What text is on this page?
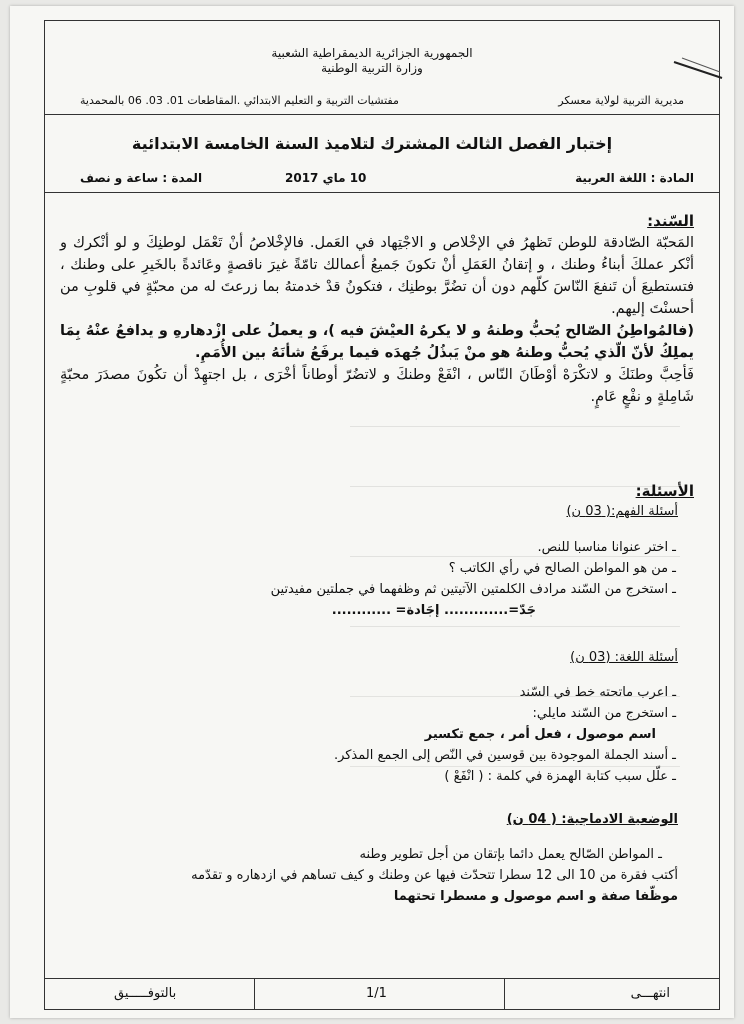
الجمهورية الجزائرية الديمقراطية الشعبية
وزارة التربية الوطنية
مديرية التربية لولاية معسكر
مفتشيات التربية و التعليم الابتدائي .المقاطعات 01. 03. 06 بالمحمدية
إختبار الفصل الثالث المشترك لتلاميذ السنة الخامسة الابتدائية
المادة : اللغة العربية
10 ماي 2017
المدة : ساعة و نصف
السّند:

المَحبّة الصّادقة للوطن تَظهرُ في الإخْلاص و الاجْتِهاد في العَمل. فالإخْلاصُ أنْ تَعْمَل لوطنِكَ و لو أنْكرك و أنْكر عملكَ أبناءُ وطنك ، و إتقانُ العَمَلِ أنْ تكونَ جَميعُ أعمالك تامّةً غيرَ ناقصةٍ وعَائدةً بالخَيرِ على وطنك ، فتستطيعَ أن تَنفعَ النّاسَ كلّهم دون أن تضُرَّ بوطنِك ، فتكونُ قدْ خدمتهُ بما زرعتَ له من محبّةٍ في قلوبِ من أحسنْتَ إليهم.

(فالمُواطِنُ الصّالح يُحبُّ وطنهُ و لا يكرهُ العيْشَ فيه )، و يعملُ على ازْدهارهِ و يدافعُ عنْهُ بِمَا يملِكُ لأنّ الّذي يُحبُّ وطنهُ هو منْ يَبذُلُ جُهدَه فيما يرفَعُ شأنَهُ بين الأُمَمِ.

فَأحِبَّ وطنَكَ و لاتكْرَهْ أوْطَانَ النّاس ، انْفَعْ وطنكَ و لاتضُرّ أوطاناً أخْرَى ، بل اجتهِدْ أن تكُونَ مصدَرَ محبّةٍ شَامِلةٍ و نفْعٍ عَامٍ.

الأسئلة:
أسئلة الفهم:( 03 ن)

ـ اختر عنوانا مناسبا للنص.

ـ من هو المواطن الصالح في رأي الكاتب ؟

ـ استخرج من السّند مرادف الكلمتين الآتيتين ثم وظفهما في جملتين مفيدتين

جَدّ=............. إجَادة= ............

أسئلة اللغة: (03 ن)

ـ اعرب ماتحته خط في السّند

ـ استخرج من السّند مايلي:

اسم موصول ، فعل أمر ، جمع تكسير

ـ أسند الجملة الموجودة بين قوسين في النّص إلى الجمع المذكر.

ـ علّل سبب كتابة الهمزة في كلمة : ( انْفَعْ )

الوضعية الادماجية: ( 04 ن)

ـ المواطن الصّالح يعمل دائما بإتقان من أجل تطوير وطنه

أكتب فقرة من 10 الى 12 سطرا تتحدّث فيها عن وطنك و كيف تساهم في ازدهاره و تقدّمه

موظّفا صفة و اسم موصول و مسطرا تحتهما

انتهـــى
1/1
بالتوفـــــيق
